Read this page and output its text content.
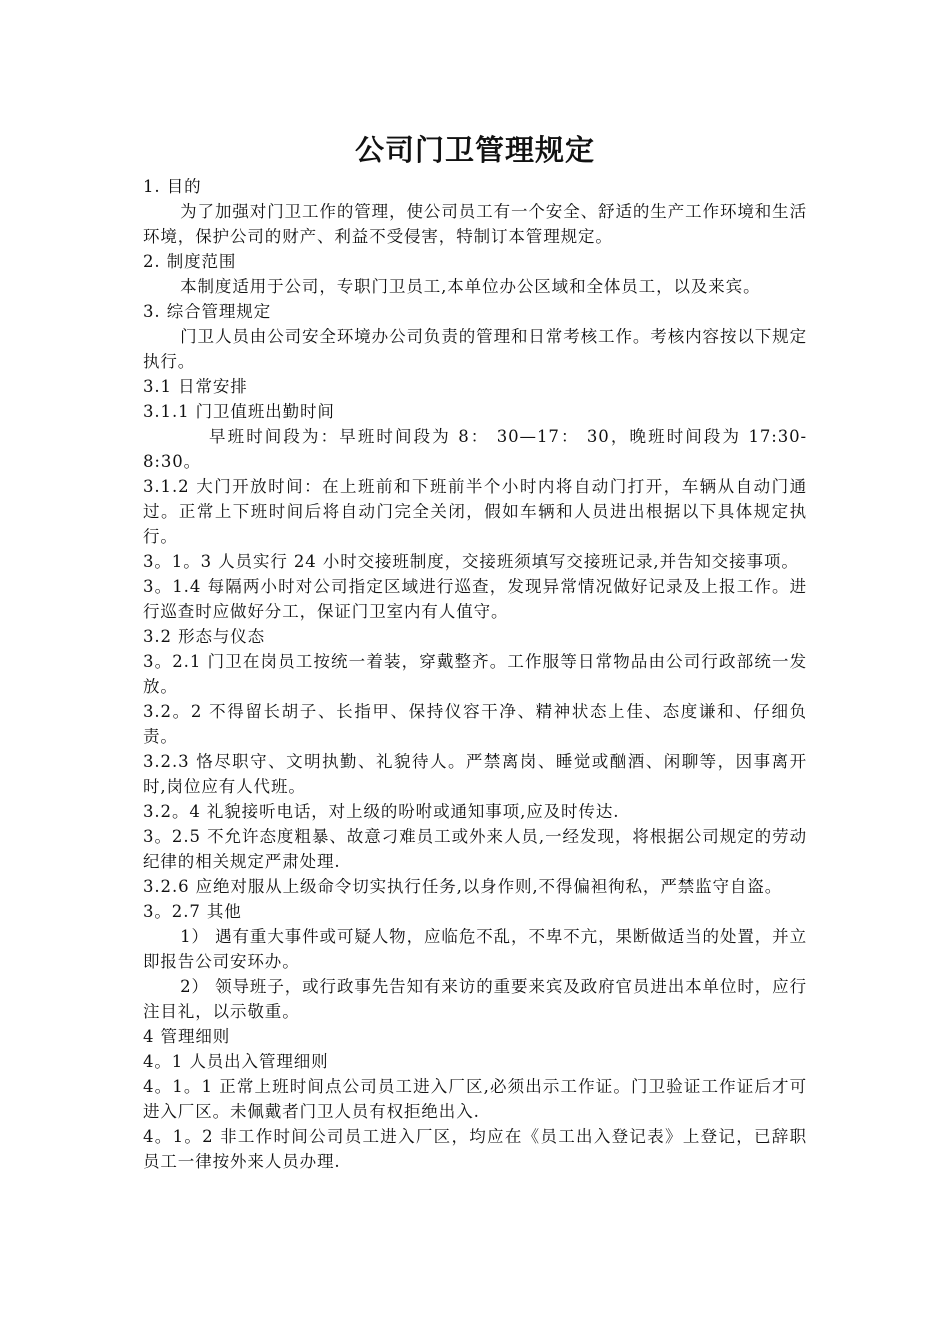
公司门卫管理规定

1. 目的

为了加强对门卫工作的管理，使公司员工有一个安全、舒适的生产工作环境和生活环境，保护公司的财产、利益不受侵害，特制订本管理规定。

2. 制度范围

本制度适用于公司，专职门卫员工,本单位办公区域和全体员工，以及来宾。

3. 综合管理规定

门卫人员由公司安全环境办公司负责的管理和日常考核工作。考核内容按以下规定执行。

3.1 日常安排

3.1.1 门卫值班出勤时间

早班时间段为：早班时间段为 8： 30—17： 30，晚班时间段为 17:30-8:30。

3.1.2 大门开放时间：在上班前和下班前半个小时内将自动门打开，车辆从自动门通过。正常上下班时间后将自动门完全关闭，假如车辆和人员进出根据以下具体规定执行。

3。1。3 人员实行 24 小时交接班制度，交接班须填写交接班记录,并告知交接事项。

3。1.4 每隔两小时对公司指定区域进行巡查，发现异常情况做好记录及上报工作。进行巡查时应做好分工，保证门卫室内有人值守。

3.2 形态与仪态

3。2.1 门卫在岗员工按统一着装，穿戴整齐。工作服等日常物品由公司行政部统一发放。

3.2。2 不得留长胡子、长指甲、保持仪容干净、精神状态上佳、态度谦和、仔细负责。

3.2.3 恪尽职守、文明执勤、礼貌待人。严禁离岗、睡觉或酗酒、闲聊等，因事离开时,岗位应有人代班。

3.2。4 礼貌接听电话，对上级的吩咐或通知事项,应及时传达.

3。2.5 不允许态度粗暴、故意刁难员工或外来人员,一经发现，将根据公司规定的劳动纪律的相关规定严肃处理.

3.2.6 应绝对服从上级命令切实执行任务,以身作则,不得偏袒徇私，严禁监守自盗。

3。2.7 其他

1） 遇有重大事件或可疑人物，应临危不乱，不卑不亢，果断做适当的处置，并立即报告公司安环办。

2） 领导班子，或行政事先告知有来访的重要来宾及政府官员进出本单位时，应行注目礼，以示敬重。

4 管理细则

4。1 人员出入管理细则

4。1。1 正常上班时间点公司员工进入厂区,必须出示工作证。门卫验证工作证后才可进入厂区。未佩戴者门卫人员有权拒绝出入.

4。1。2 非工作时间公司员工进入厂区，均应在《员工出入登记表》上登记，已辞职员工一律按外来人员办理.
